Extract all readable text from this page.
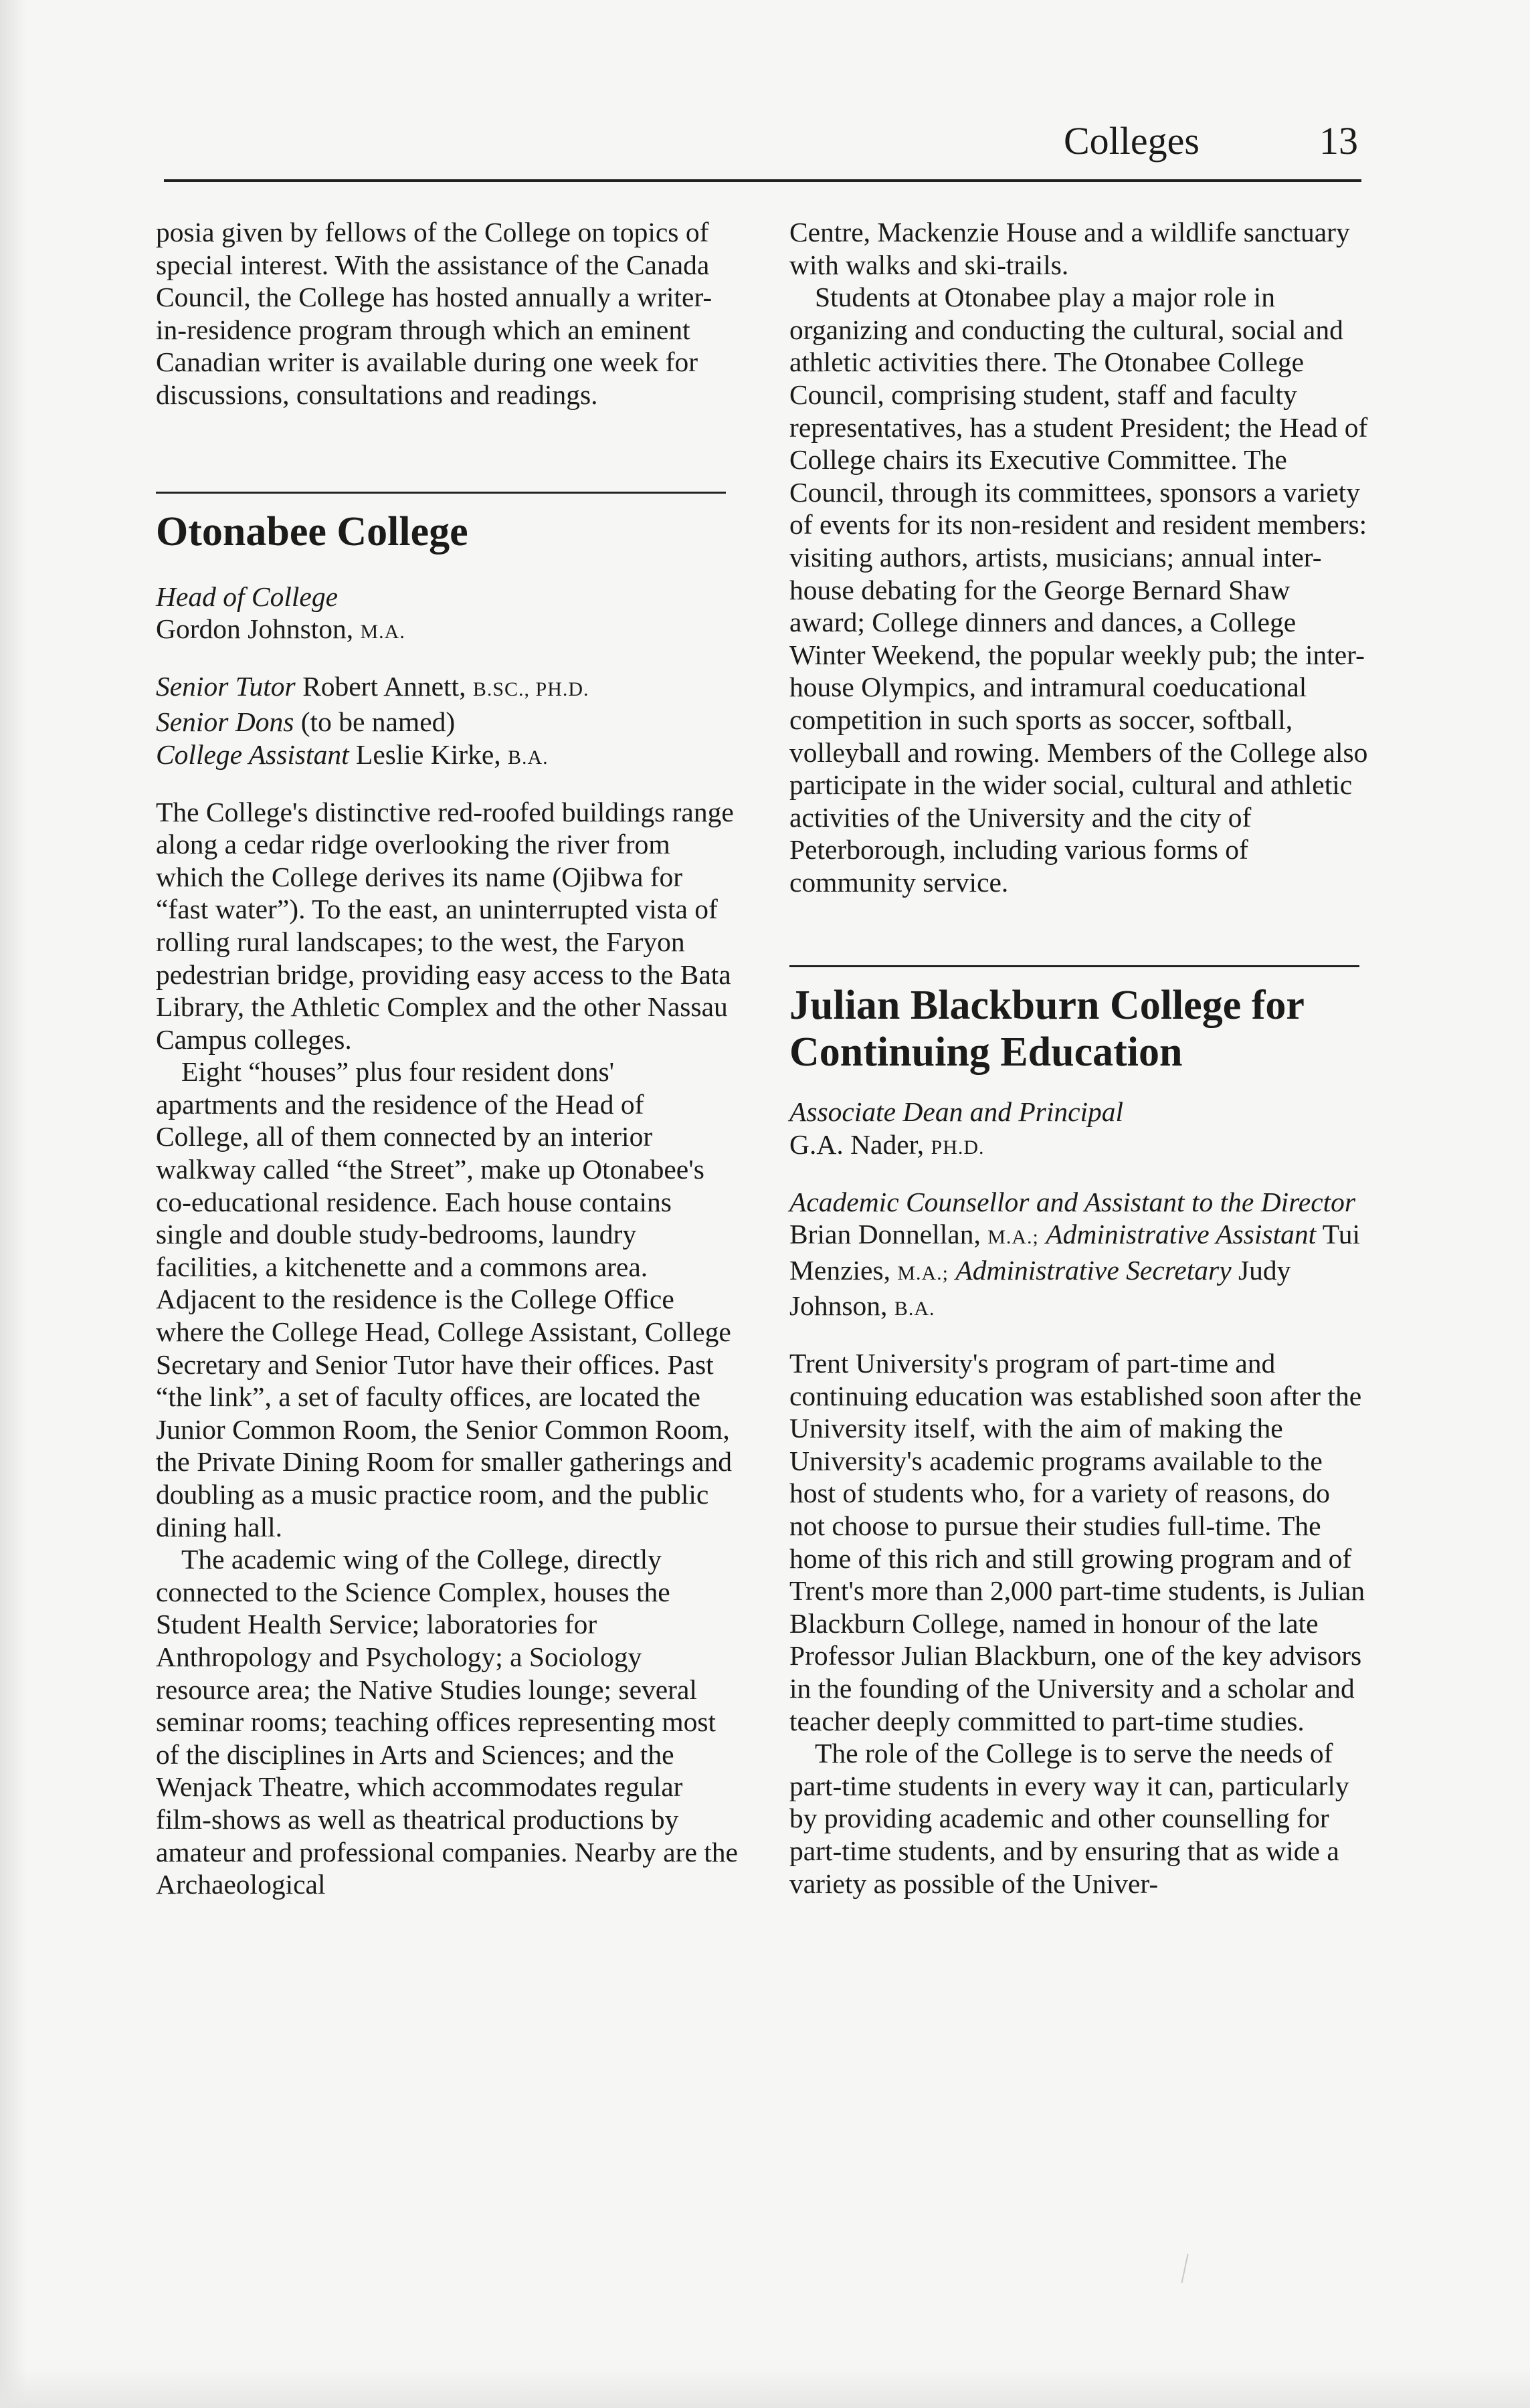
Colleges	13

posia given by fellows of the College on topics of special interest. With the assistance of the Canada Council, the College has hosted annually a writer-in-residence program through which an eminent Canadian writer is available during one week for discussions, consultations and readings.

Otonabee College

Head of College
Gordon Johnston, M.A.

Senior Tutor Robert Annett, B.SC., PH.D.
Senior Dons (to be named)
College Assistant Leslie Kirke, B.A.

The College's distinctive red-roofed buildings range along a cedar ridge overlooking the river from which the College derives its name (Ojibwa for “fast water”). To the east, an uninterrupted vista of rolling rural landscapes; to the west, the Faryon pedestrian bridge, providing easy access to the Bata Library, the Athletic Complex and the other Nassau Campus colleges.

Eight “houses” plus four resident dons' apartments and the residence of the Head of College, all of them connected by an interior walkway called “the Street”, make up Otonabee's co-educational residence. Each house contains single and double study-bedrooms, laundry facilities, a kitchenette and a commons area. Adjacent to the residence is the College Office where the College Head, College Assistant, College Secretary and Senior Tutor have their offices. Past “the link”, a set of faculty offices, are located the Junior Common Room, the Senior Common Room, the Private Dining Room for smaller gatherings and doubling as a music practice room, and the public dining hall.

The academic wing of the College, directly connected to the Science Complex, houses the Student Health Service; laboratories for Anthropology and Psychology; a Sociology resource area; the Native Studies lounge; several seminar rooms; teaching offices representing most of the disciplines in Arts and Sciences; and the Wenjack Theatre, which accommodates regular film-shows as well as theatrical productions by amateur and professional companies. Nearby are the Archaeological

Centre, Mackenzie House and a wildlife sanctuary with walks and ski-trails.

Students at Otonabee play a major role in organizing and conducting the cultural, social and athletic activities there. The Otonabee College Council, comprising student, staff and faculty representatives, has a student President; the Head of College chairs its Executive Committee. The Council, through its committees, sponsors a variety of events for its non-resident and resident members: visiting authors, artists, musicians; annual inter-house debating for the George Bernard Shaw award; College dinners and dances, a College Winter Weekend, the popular weekly pub; the inter-house Olympics, and intramural coeducational competition in such sports as soccer, softball, volleyball and rowing. Members of the College also participate in the wider social, cultural and athletic activities of the University and the city of Peterborough, including various forms of community service.

Julian Blackburn College for Continuing Education

Associate Dean and Principal
G.A. Nader, PH.D.

Academic Counsellor and Assistant to the Director Brian Donnellan, M.A.; Administrative Assistant Tui Menzies, M.A.; Administrative Secretary Judy Johnson, B.A.

Trent University's program of part-time and continuing education was established soon after the University itself, with the aim of making the University's academic programs available to the host of students who, for a variety of reasons, do not choose to pursue their studies full-time. The home of this rich and still growing program and of Trent's more than 2,000 part-time students, is Julian Blackburn College, named in honour of the late Professor Julian Blackburn, one of the key advisors in the founding of the University and a scholar and teacher deeply committed to part-time studies.

The role of the College is to serve the needs of part-time students in every way it can, particularly by providing academic and other counselling for part-time students, and by ensuring that as wide a variety as possible of the Univer-
